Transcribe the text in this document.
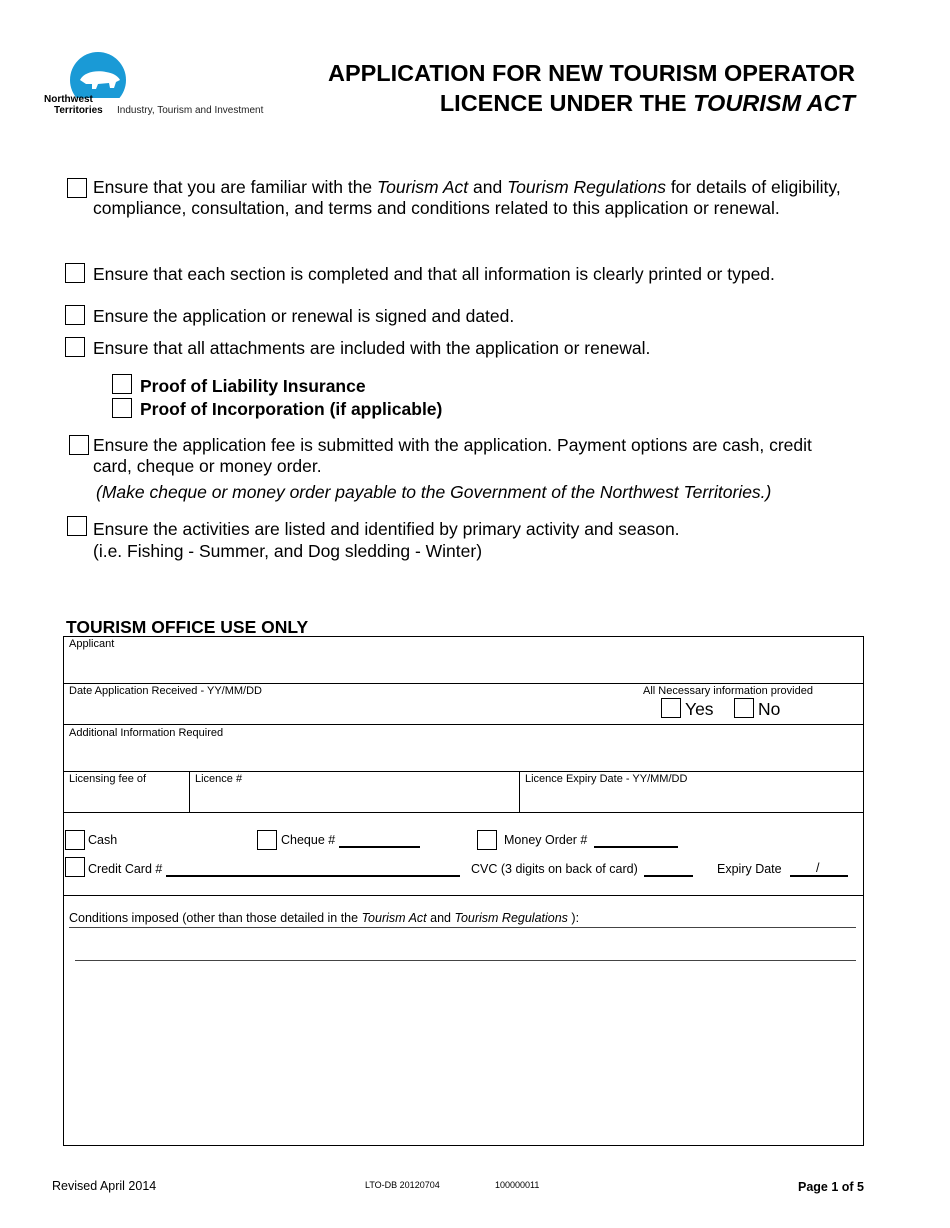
Northwest
Territories Industry, Tourism and Investment
APPLICATION FOR NEW TOURISM OPERATOR
LICENCE UNDER THE TOURISM ACT
Ensure that you are familiar with the Tourism Act and Tourism Regulations for details of eligibility, compliance, consultation, and terms and conditions related to this application or renewal.
Ensure that each section is completed and that all information is clearly printed or typed.
Ensure the application or renewal is signed and dated.
Ensure that all attachments are included with the application or renewal.
Proof of Liability Insurance
Proof of Incorporation (if applicable)
Ensure the application fee is submitted with the application. Payment options are cash, credit card, cheque or money order.
(Make cheque or money order payable to the Government of the Northwest Territories.)
Ensure the activities are listed and identified by primary activity and season.
(i.e. Fishing - Summer, and Dog sledding - Winter)
TOURISM OFFICE USE ONLY
Applicant
Date Application Received - YY/MM/DD	All Necessary information provided
Yes	No
Additional Information Required
Licensing fee of	Licence #	Licence Expiry Date - YY/MM/DD
Cash	Cheque #	Money Order #
Credit Card #	CVC (3 digits on back of card)	Expiry Date	/
Conditions imposed (other than those detailed in the Tourism Act and Tourism Regulations ):
Revised April 2014	LTO-DB 20120704	100000011	Page 1 of 5
